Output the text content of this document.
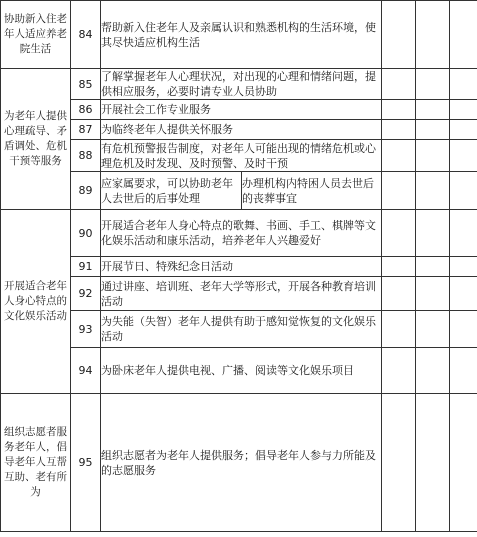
协助新入住老年人适应养老院生活	84	帮助新入住老年人及亲属认识和熟悉机构的生活环境，使其尽快适应机构生活				
为老年人提供心理疏导、矛盾调处、危机干预等服务	85	了解掌握老年人心理状况，对出现的心理和情绪问题，提供相应服务，必要时请专业人员协助				
	86	开展社会工作专业服务				
	87	为临终老年人提供关怀服务				
	88	有危机预警报告制度，对老年人可能出现的情绪危机或心理危机及时发现、及时预警、及时干预				
	89	应家属要求，可以协助老年人去世后的后事处理	办理机构内特困人员去世后的丧葬事宜			
开展适合老年人身心特点的文化娱乐活动	90	开展适合老年人身心特点的歌舞、书画、手工、棋牌等文化娱乐活动和康乐活动，培养老年人兴趣爱好				
	91	开展节日、特殊纪念日活动				
	92	通过讲座、培训班、老年大学等形式，开展各种教育培训活动				
	93	为失能（失智）老年人提供有助于感知觉恢复的文化娱乐活动				
	94	为卧床老年人提供电视、广播、阅读等文化娱乐项目				
组织志愿者服务老年人，倡导老年人互帮互助、老有所为	95	组织志愿者为老年人提供服务；倡导老年人参与力所能及的志愿服务				
